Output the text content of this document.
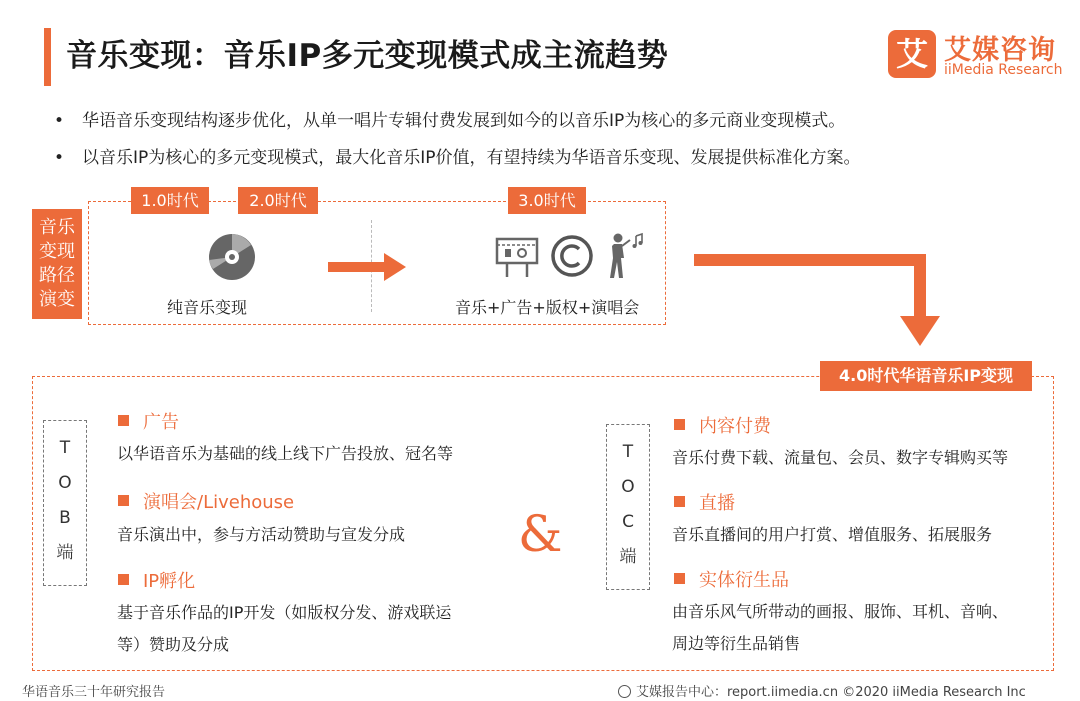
音乐变现：音乐IP多元变现模式成主流趋势	艾 艾媒咨询
iiMedia Research
• 华语音乐变现结构逐步优化，从单一唱片专辑付费发展到如今的以音乐IP为核心的多元商业变现模式。
• 以音乐IP为核心的多元变现模式，最大化音乐IP价值，有望持续为华语音乐变现、发展提供标准化方案。
音乐
变现
路径
演变
1.0时代	2.0时代	3.0时代
纯音乐变现	音乐+广告+版权+演唱会
4.0时代华语音乐IP变现
T
O
B
端
广告
以华语音乐为基础的线上线下广告投放、冠名等
演唱会/Livehouse
音乐演出中，参与方活动赞助与宣发分成
IP孵化
基于音乐作品的IP开发（如版权分发、游戏联运
等）赞助及分成
&
T
O
C
端
内容付费
音乐付费下载、流量包、会员、数字专辑购买等
直播
音乐直播间的用户打赏、增值服务、拓展服务
实体衍生品
由音乐风气所带动的画报、服饰、耳机、音响、
周边等衍生品销售
华语音乐三十年研究报告	艾媒报告中心：report.iimedia.cn ©2020 iiMedia Research Inc
